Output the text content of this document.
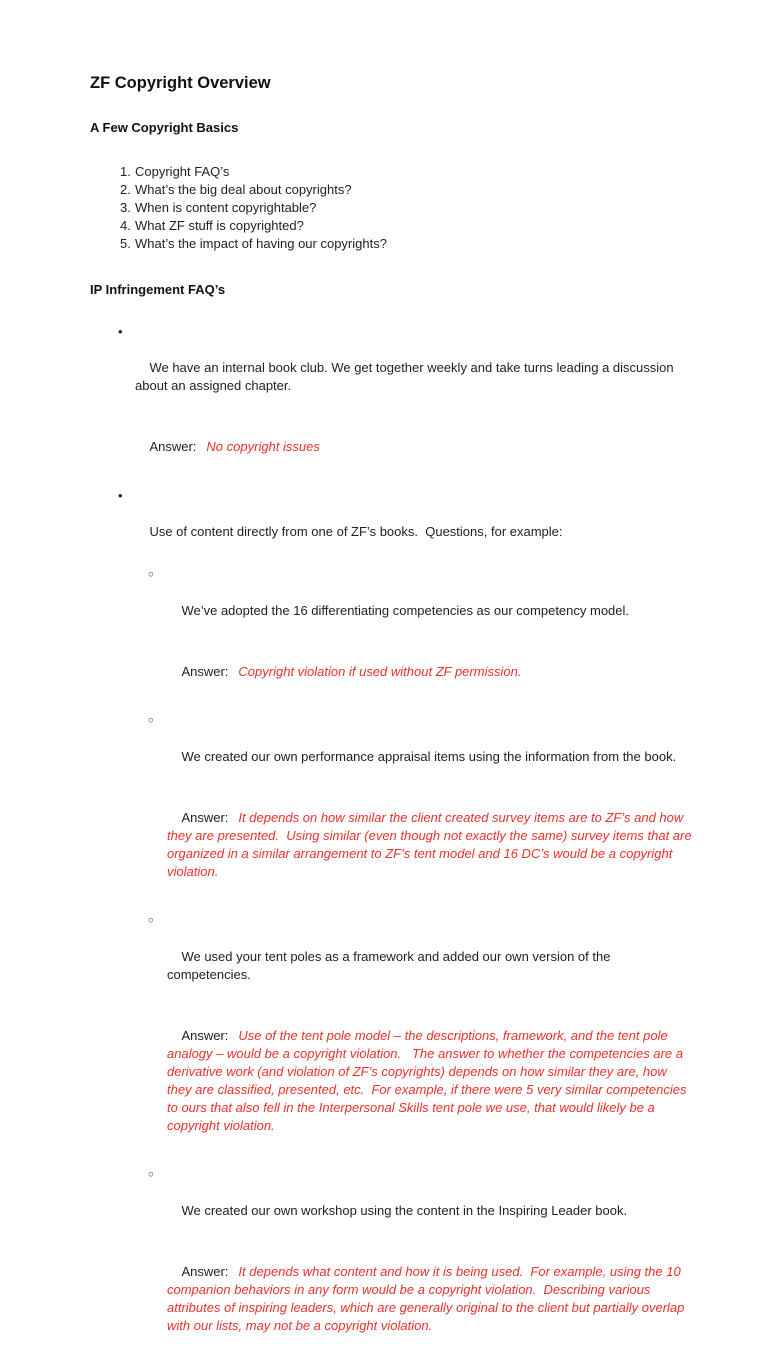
ZF Copyright Overview
A Few Copyright Basics
1. Copyright FAQ’s
2. What’s the big deal about copyrights?
3. When is content copyrightable?
4. What ZF stuff is copyrighted?
5. What’s the impact of having our copyrights?
IP Infringement FAQ’s

•

We have an internal book club. We get together weekly and take turns leading a discussion about an assigned chapter.

Answer: No copyright issues

•

Use of content directly from one of ZF’s books.  Questions, for example:

○

We’ve adopted the 16 differentiating competencies as our competency model.

Answer: Copyright violation if used without ZF permission.

○

We created our own performance appraisal items using the information from the book.

Answer: It depends on how similar the client created survey items are to ZF’s and how they are presented.  Using similar (even though not exactly the same) survey items that are organized in a similar arrangement to ZF’s tent model and 16 DC’s would be a copyright violation.

○

We used your tent poles as a framework and added our own version of the competencies.

Answer: Use of the tent pole model – the descriptions, framework, and the tent pole analogy – would be a copyright violation.   The answer to whether the competencies are a derivative work (and violation of ZF’s copyrights) depends on how similar they are, how they are classified, presented, etc.  For example, if there were 5 very similar competencies to ours that also fell in the Interpersonal Skills tent pole we use, that would likely be a copyright violation.

○

We created our own workshop using the content in the Inspiring Leader book.

Answer: It depends what content and how it is being used.  For example, using the 10 companion behaviors in any form would be a copyright violation.  Describing various attributes of inspiring leaders, which are generally original to the client but partially overlap with our lists, may not be a copyright violation.
